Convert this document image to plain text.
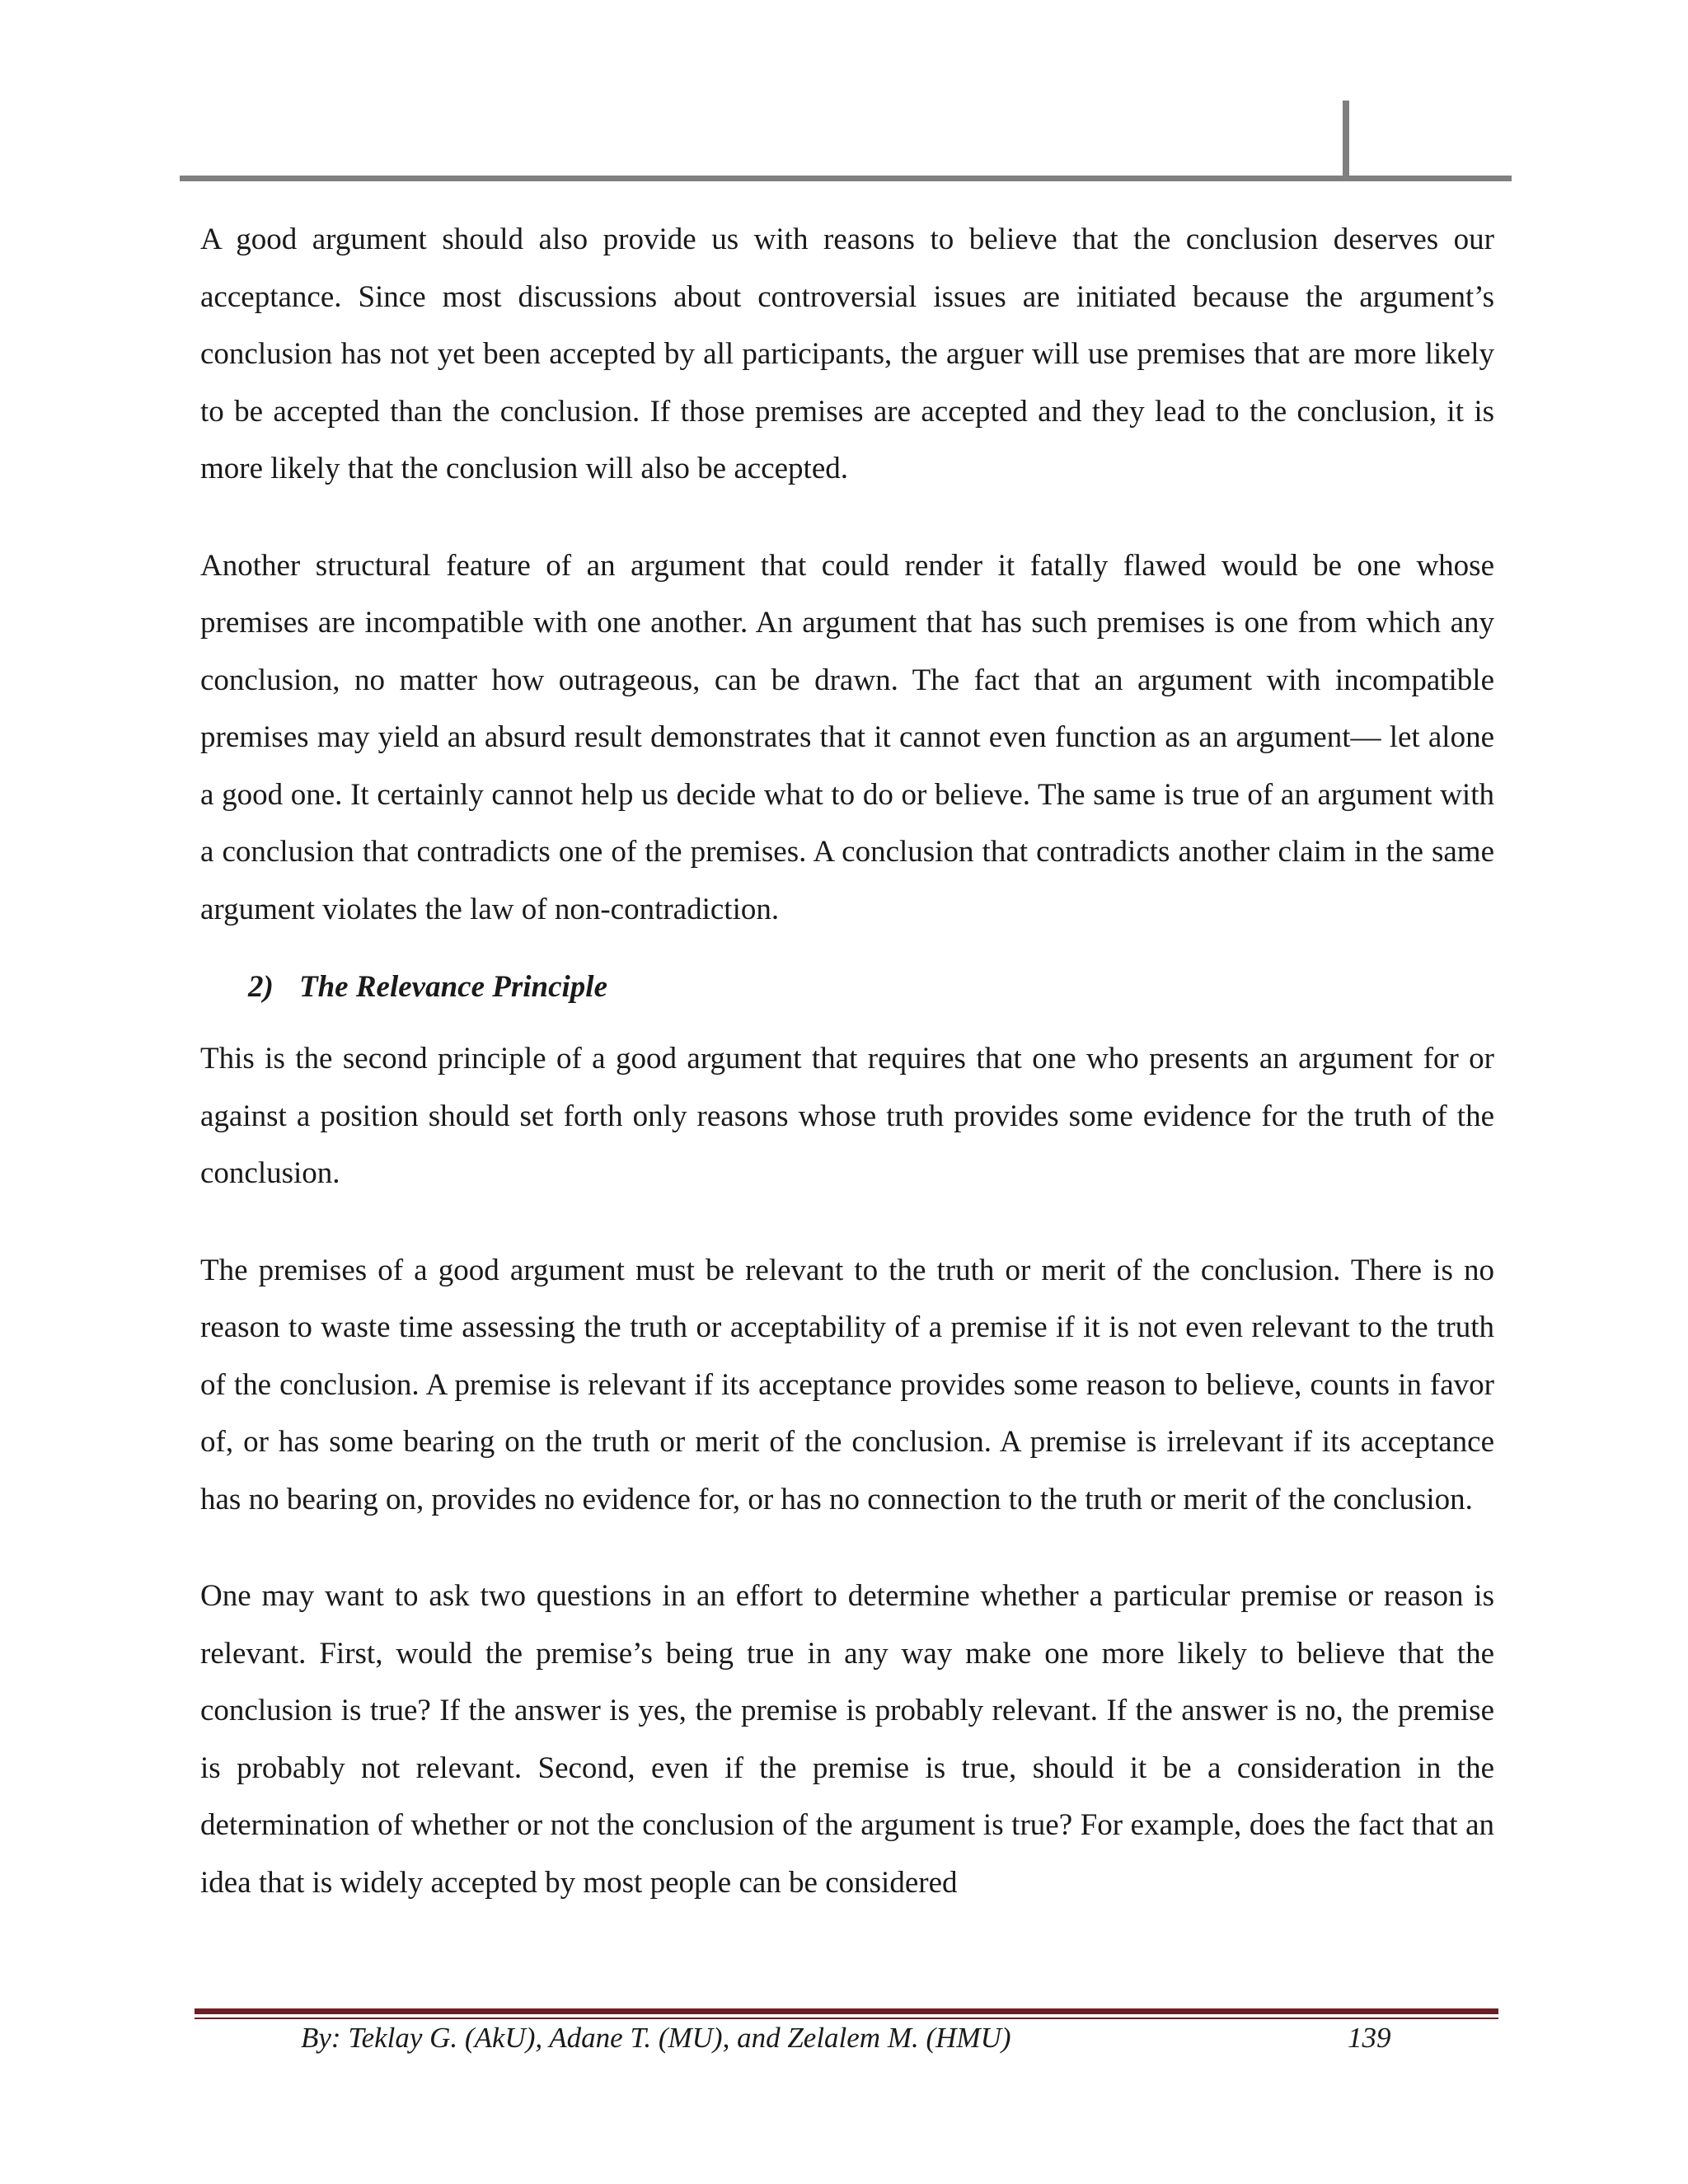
A good argument should also provide us with reasons to believe that the conclusion deserves our acceptance. Since most discussions about controversial issues are initiated because the argument’s conclusion has not yet been accepted by all participants, the arguer will use premises that are more likely to be accepted than the conclusion. If those premises are accepted and they lead to the conclusion, it is more likely that the conclusion will also be accepted.

Another structural feature of an argument that could render it fatally flawed would be one whose premises are incompatible with one another. An argument that has such premises is one from which any conclusion, no matter how outrageous, can be drawn. The fact that an argument with incompatible premises may yield an absurd result demonstrates that it cannot even function as an argument— let alone a good one. It certainly cannot help us decide what to do or believe. The same is true of an argument with a conclusion that contradicts one of the premises. A conclusion that contradicts another claim in the same argument violates the law of non-contradiction.

2) The Relevance Principle

This is the second principle of a good argument that requires that one who presents an argument for or against a position should set forth only reasons whose truth provides some evidence for the truth of the conclusion.

The premises of a good argument must be relevant to the truth or merit of the conclusion. There is no reason to waste time assessing the truth or acceptability of a premise if it is not even relevant to the truth of the conclusion. A premise is relevant if its acceptance provides some reason to believe, counts in favor of, or has some bearing on the truth or merit of the conclusion. A premise is irrelevant if its acceptance has no bearing on, provides no evidence for, or has no connection to the truth or merit of the conclusion.

One may want to ask two questions in an effort to determine whether a particular premise or reason is relevant. First, would the premise’s being true in any way make one more likely to believe that the conclusion is true? If the answer is yes, the premise is probably relevant. If the answer is no, the premise is probably not relevant. Second, even if the premise is true, should it be a consideration in the determination of whether or not the conclusion of the argument is true? For example, does the fact that an idea that is widely accepted by most people can be considered

By: Teklay G. (AkU), Adane T. (MU), and Zelalem M. (HMU)	139
